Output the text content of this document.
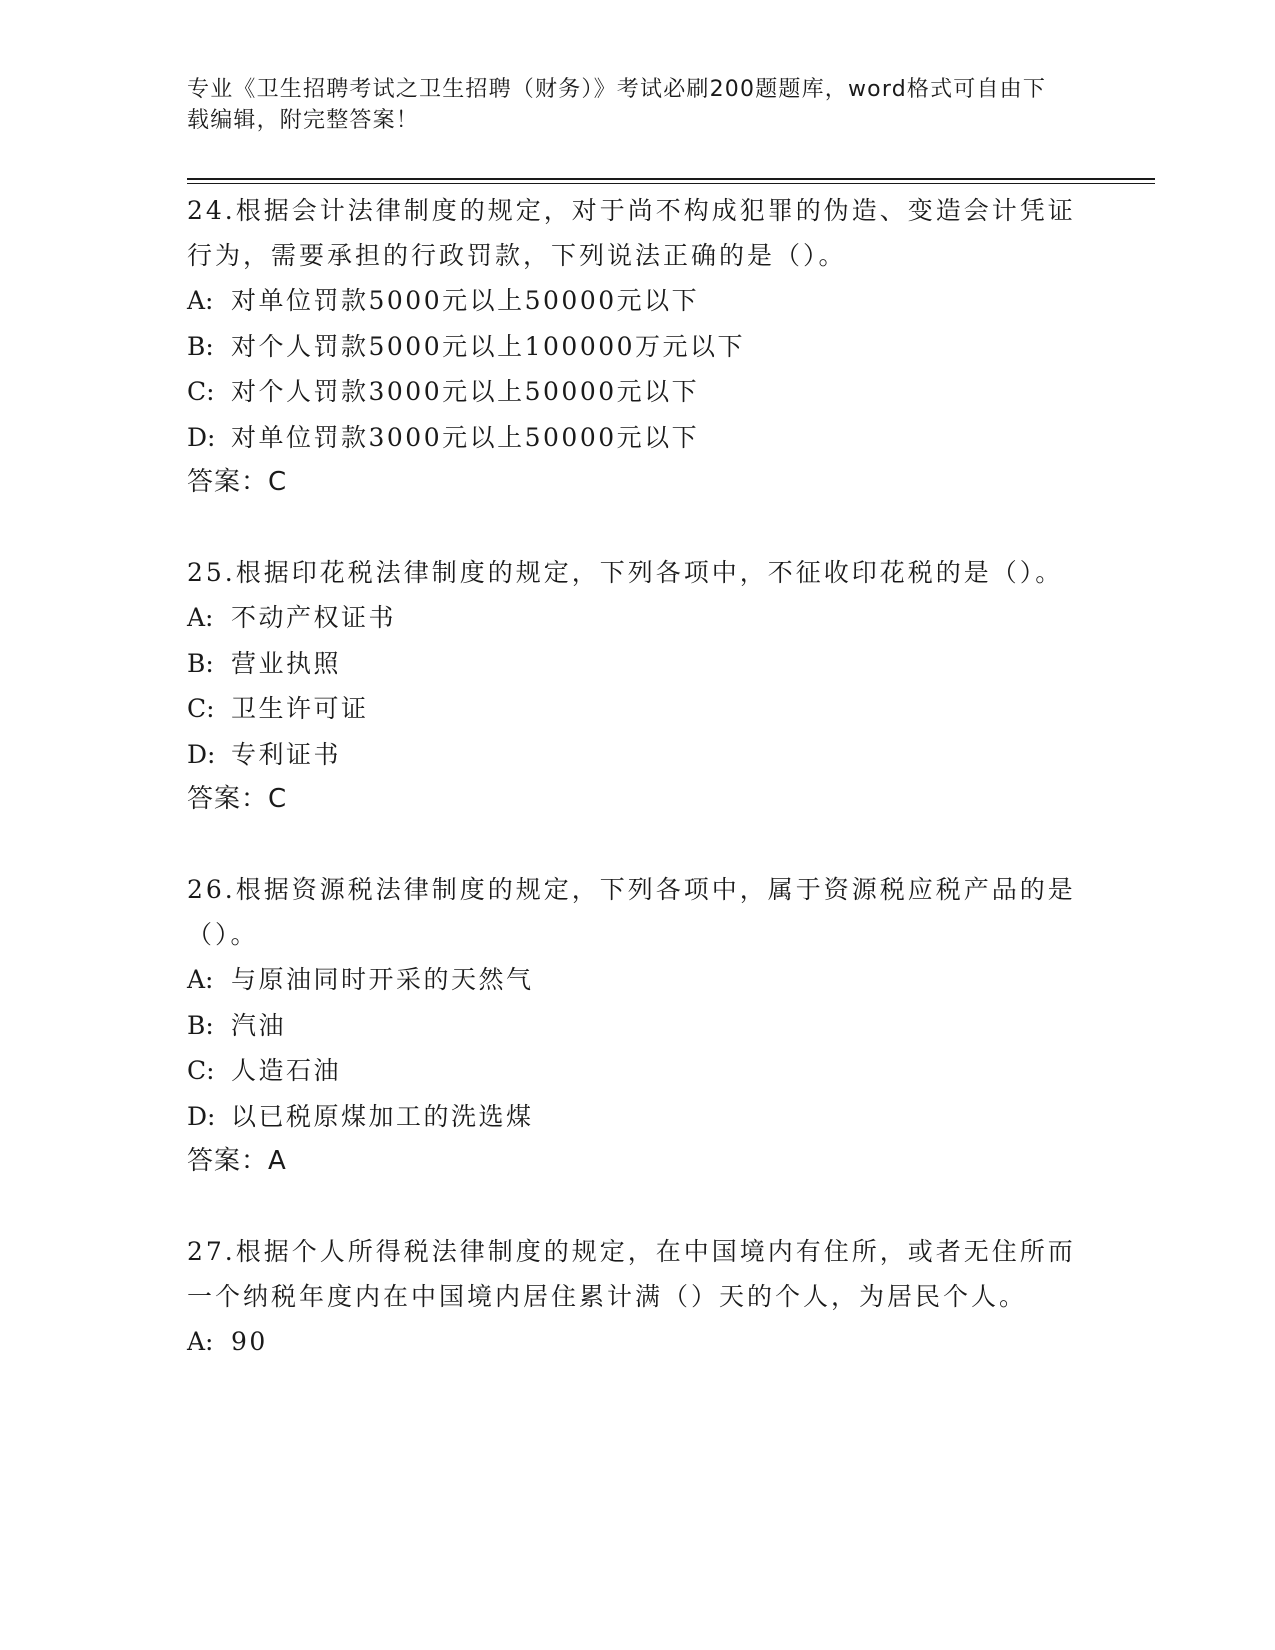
专业《卫生招聘考试之卫生招聘（财务）》考试必刷200题题库，word格式可自由下载编辑，附完整答案！
24.根据会计法律制度的规定，对于尚不构成犯罪的伪造、变造会计凭证行为，需要承担的行政罚款，下列说法正确的是（）。
A: 对单位罚款5000元以上50000元以下
B: 对个人罚款5000元以上100000万元以下
C: 对个人罚款3000元以上50000元以下
D: 对单位罚款3000元以上50000元以下
答案：C
25.根据印花税法律制度的规定，下列各项中，不征收印花税的是（）。
A: 不动产权证书
B: 营业执照
C: 卫生许可证
D: 专利证书
答案：C
26.根据资源税法律制度的规定，下列各项中，属于资源税应税产品的是（）。
A: 与原油同时开采的天然气
B: 汽油
C: 人造石油
D: 以已税原煤加工的洗选煤
答案：A
27.根据个人所得税法律制度的规定，在中国境内有住所，或者无住所而一个纳税年度内在中国境内居住累计满（）天的个人，为居民个人。
A: 90
